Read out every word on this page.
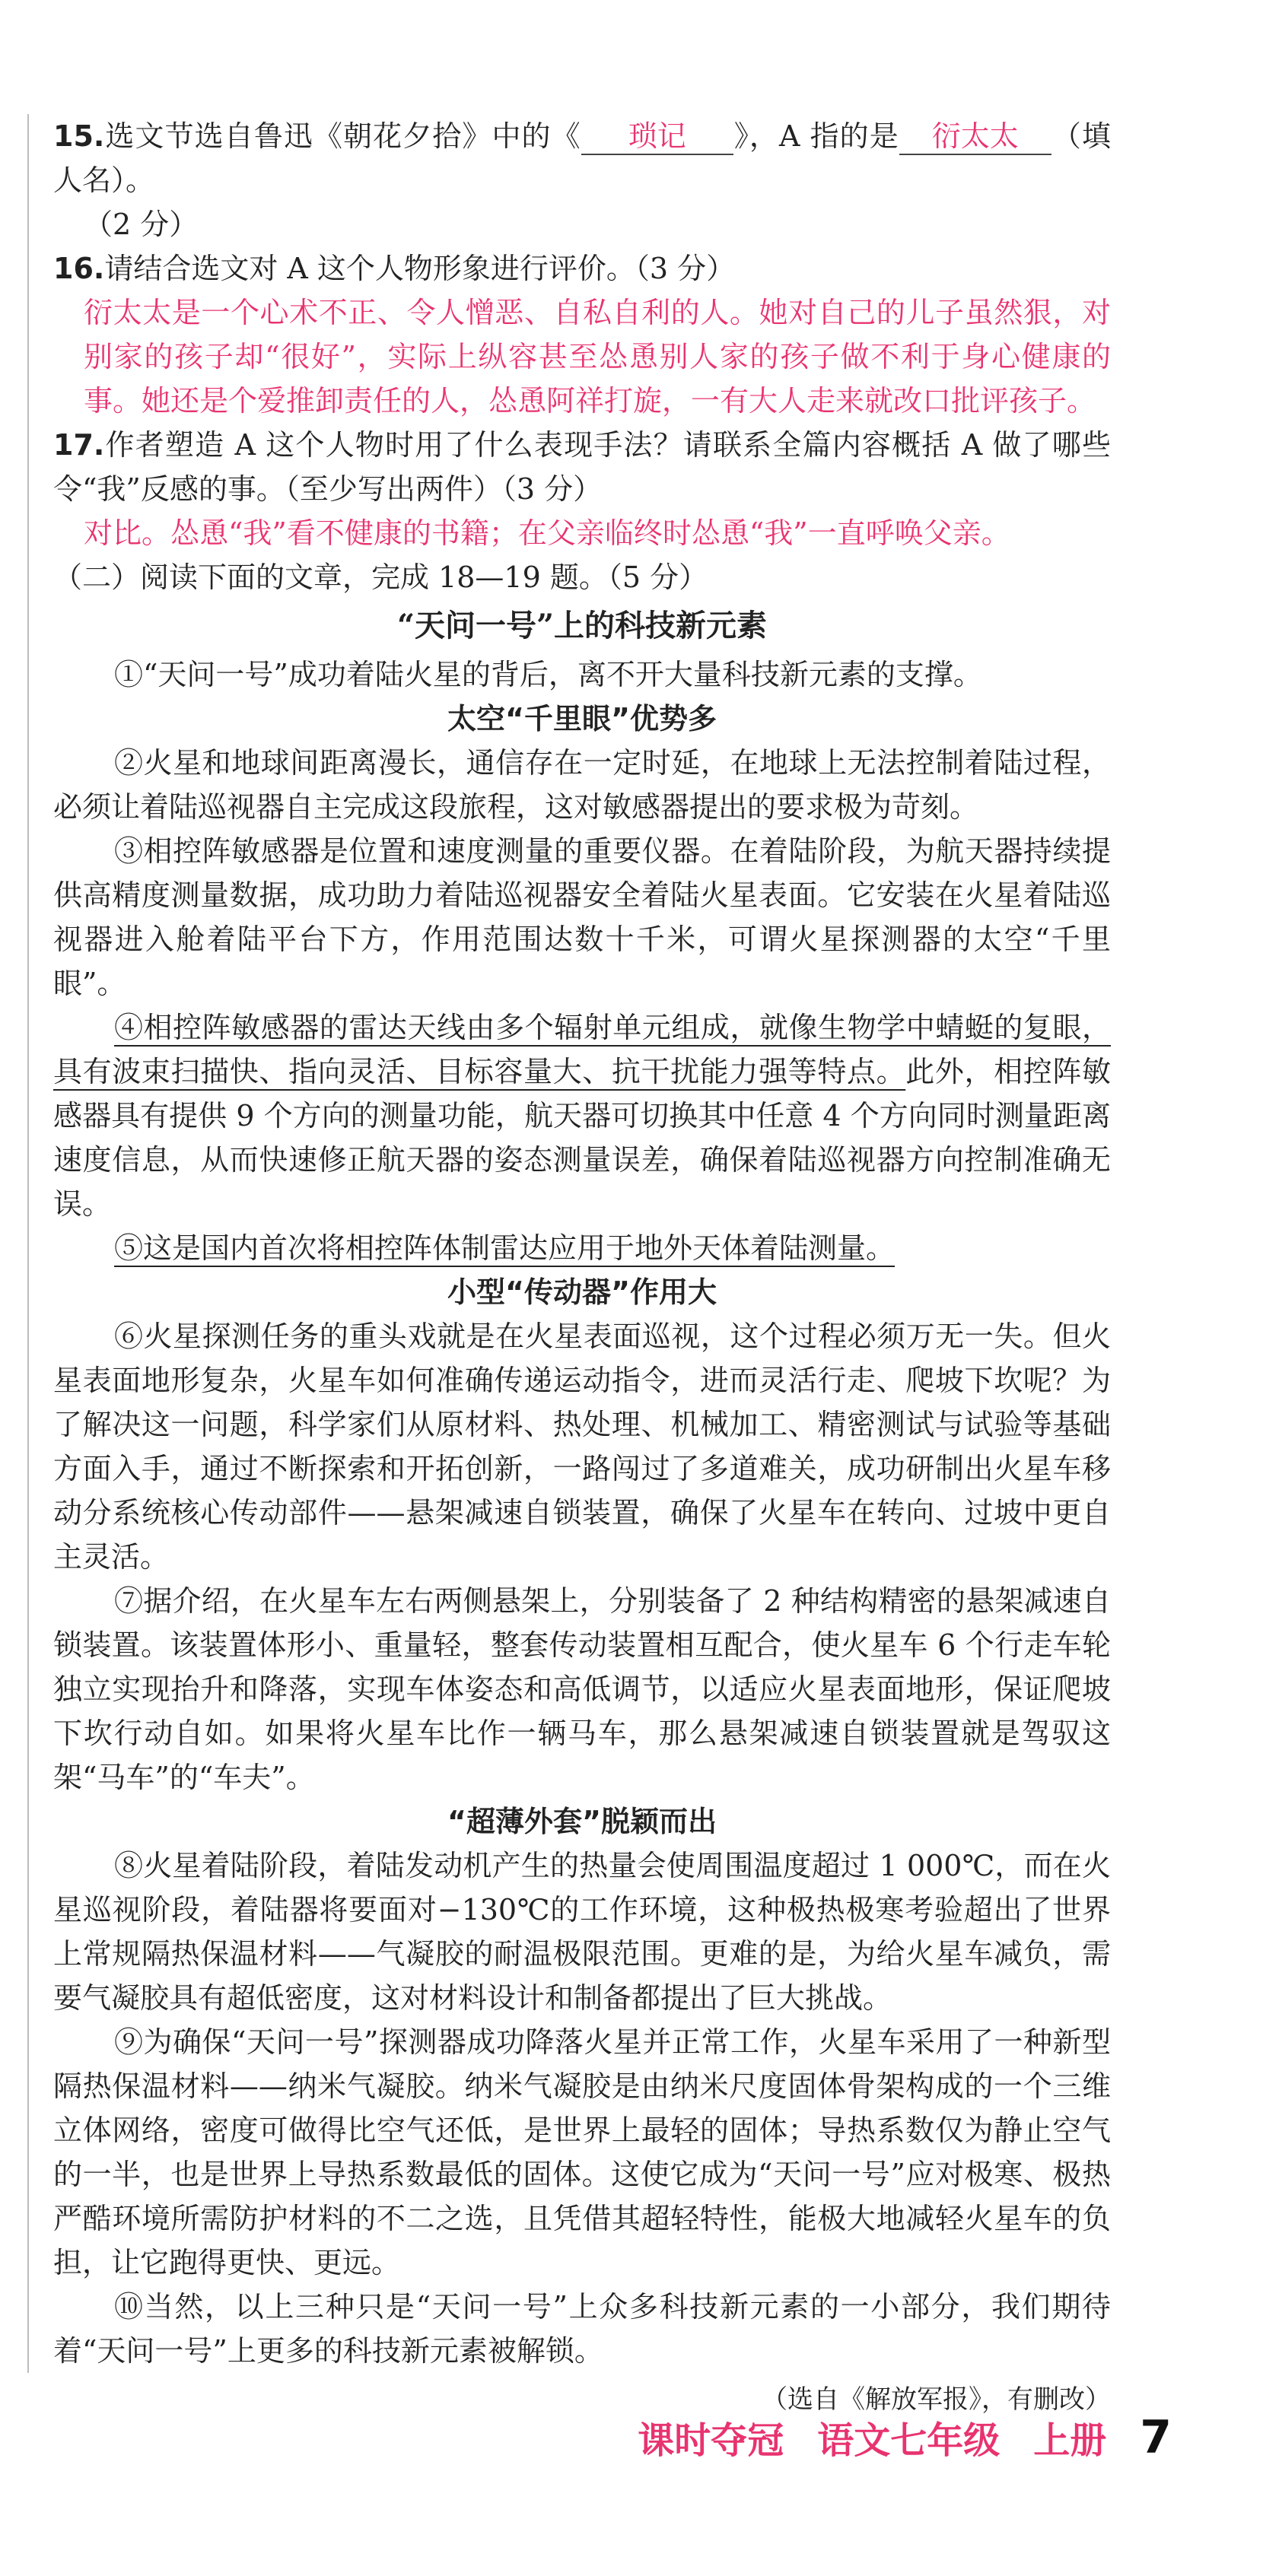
15.选文节选自鲁迅《朝花夕拾》中的《 琐记 》，A 指的是 衍太太 （填人名）。

（2 分）

16.请结合选文对 A 这个人物形象进行评价。（3 分）

衍太太是一个心术不正、令人憎恶、自私自利的人。她对自己的儿子虽然狠，对别家的孩子却“很好”，实际上纵容甚至怂恿别人家的孩子做不利于身心健康的事。她还是个爱推卸责任的人，怂恿阿祥打旋，一有大人走来就改口批评孩子。

17.作者塑造 A 这个人物时用了什么表现手法？请联系全篇内容概括 A 做了哪些令“我”反感的事。（至少写出两件）（3 分）

对比。怂恿“我”看不健康的书籍；在父亲临终时怂恿“我”一直呼唤父亲。

（二）阅读下面的文章，完成 18—19 题。（5 分）

“天问一号”上的科技新元素

①“天问一号”成功着陆火星的背后，离不开大量科技新元素的支撑。

太空“千里眼”优势多

②火星和地球间距离漫长，通信存在一定时延，在地球上无法控制着陆过程，必须让着陆巡视器自主完成这段旅程，这对敏感器提出的要求极为苛刻。

③相控阵敏感器是位置和速度测量的重要仪器。在着陆阶段，为航天器持续提供高精度测量数据，成功助力着陆巡视器安全着陆火星表面。它安装在火星着陆巡视器进入舱着陆平台下方，作用范围达数十千米，可谓火星探测器的太空“千里眼”。

④相控阵敏感器的雷达天线由多个辐射单元组成，就像生物学中蜻蜓的复眼，具有波束扫描快、指向灵活、目标容量大、抗干扰能力强等特点。此外，相控阵敏感器具有提供 9 个方向的测量功能，航天器可切换其中任意 4 个方向同时测量距离速度信息，从而快速修正航天器的姿态测量误差，确保着陆巡视器方向控制准确无误。

⑤这是国内首次将相控阵体制雷达应用于地外天体着陆测量。

小型“传动器”作用大

⑥火星探测任务的重头戏就是在火星表面巡视，这个过程必须万无一失。但火星表面地形复杂，火星车如何准确传递运动指令，进而灵活行走、爬坡下坎呢？为了解决这一问题，科学家们从原材料、热处理、机械加工、精密测试与试验等基础方面入手，通过不断探索和开拓创新，一路闯过了多道难关，成功研制出火星车移动分系统核心传动部件——悬架减速自锁装置，确保了火星车在转向、过坡中更自主灵活。

⑦据介绍，在火星车左右两侧悬架上，分别装备了 2 种结构精密的悬架减速自锁装置。该装置体形小、重量轻，整套传动装置相互配合，使火星车 6 个行走车轮独立实现抬升和降落，实现车体姿态和高低调节，以适应火星表面地形，保证爬坡下坎行动自如。如果将火星车比作一辆马车，那么悬架减速自锁装置就是驾驭这架“马车”的“车夫”。

“超薄外套”脱颖而出

⑧火星着陆阶段，着陆发动机产生的热量会使周围温度超过 1 000℃，而在火星巡视阶段，着陆器将要面对−130℃的工作环境，这种极热极寒考验超出了世界上常规隔热保温材料——气凝胶的耐温极限范围。更难的是，为给火星车减负，需要气凝胶具有超低密度，这对材料设计和制备都提出了巨大挑战。

⑨为确保“天问一号”探测器成功降落火星并正常工作，火星车采用了一种新型隔热保温材料——纳米气凝胶。纳米气凝胶是由纳米尺度固体骨架构成的一个三维立体网络，密度可做得比空气还低，是世界上最轻的固体；导热系数仅为静止空气的一半，也是世界上导热系数最低的固体。这使它成为“天问一号”应对极寒、极热严酷环境所需防护材料的不二之选，且凭借其超轻特性，能极大地减轻火星车的负担，让它跑得更快、更远。

⑩当然，以上三种只是“天问一号”上众多科技新元素的一小部分，我们期待着“天问一号”上更多的科技新元素被解锁。

（选自《解放军报》，有删改）

课时夺冠 语文七年级 上册 7
